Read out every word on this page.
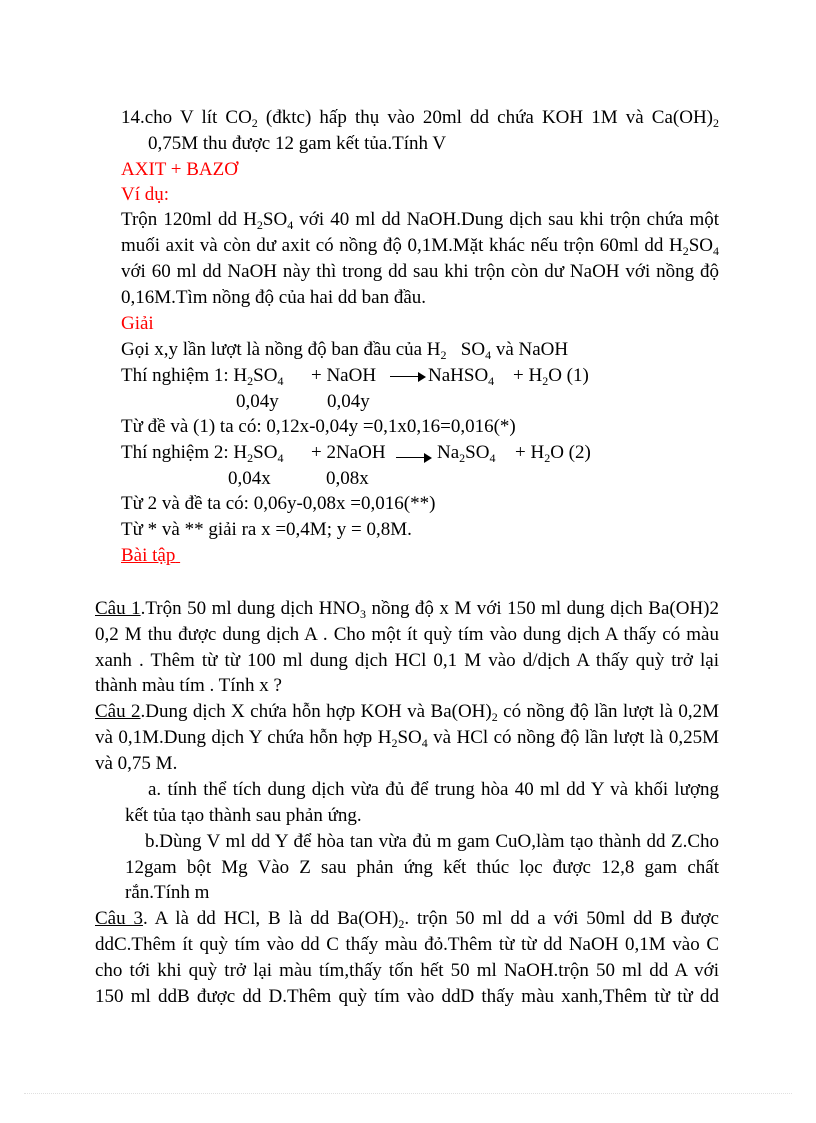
14.cho V lít $CO_2$ (đktc) hấp thụ vào 20ml dd chứa KOH 1M và $Ca(OH)_2$
0,75M thu được 12 gam kết tủa.Tính V
AXIT + BAZƠ
Ví dụ:
Trộn 120ml dd $H_2SO_4$ với 40 ml dd NaOH.Dung dịch sau khi trộn chứa một
muối axit và còn dư axit có nồng độ 0,1M.Mặt khác nếu trộn 60ml dd $H_2SO_4$
với 60 ml dd NaOH này thì trong dd sau khi trộn còn dư NaOH với nồng độ
0,16M.Tìm nồng độ của hai dd ban đầu.
Giải
Gọi x,y lần lượt là nồng độ ban đầu của $H_2$ $SO_4$ và NaOH
Thí nghiệm 1: $H_2SO_4$ + NaOH	NaHSO$_4$ + $H_2O$ (1)
0,04y	0,04y
Từ đề và (1) ta có: 0,12x-0,04y =0,1x0,16=0,016(*)
Thí nghiệm 2: $H_2SO_4$ + 2NaOH	$Na_2SO_4 + H_2O$ (2)
0,04x	0,08x
Từ 2 và đề ta có: 0,06y-0,08x =0,016(**)
Từ * và ** giải ra x =0,4M; y = 0,8M.
Bài tập
Câu 1.Trộn 50 ml dung dịch $HNO_3$ nồng độ x M với 150 ml dung dịch Ba(OH)2
0,2 M thu được dung dịch A . Cho một ít quỳ tím vào dung dịch A thấy có màu
xanh . Thêm từ từ 100 ml dung dịch HCl 0,1 M vào d/dịch A thấy quỳ trở lại
thành màu tím . Tính x ?
Câu 2.Dung dịch X chứa hỗn hợp KOH và $Ba(OH)_2$ có nồng độ lần lượt là 0,2M
và 0,1M.Dung dịch Y chứa hỗn hợp $H_2SO_4$ và HCl có nồng độ lần lượt là 0,25M
và 0,75 M.
a. tính thể tích dung dịch vừa đủ để trung hòa 40 ml dd Y và khối lượng
kết tủa tạo thành sau phản ứng.
b.Dùng V ml dd Y để hòa tan vừa đủ m gam CuO,làm tạo thành dd Z.Cho
12gam bột Mg Vào Z sau phản ứng kết thúc lọc được 12,8 gam chất
rắn.Tính m
Câu 3. A là dd HCl, B là dd $Ba(OH)_2$. trộn 50 ml dd a với 50ml dd B được
ddC.Thêm ít quỳ tím vào dd C thấy màu đỏ.Thêm từ từ dd NaOH 0,1M vào C
cho tới khi quỳ trở lại màu tím,thấy tốn hết 50 ml NaOH.trộn 50 ml dd A với
150 ml ddB được dd D.Thêm quỳ tím vào ddD thấy màu xanh,Thêm từ từ dd
